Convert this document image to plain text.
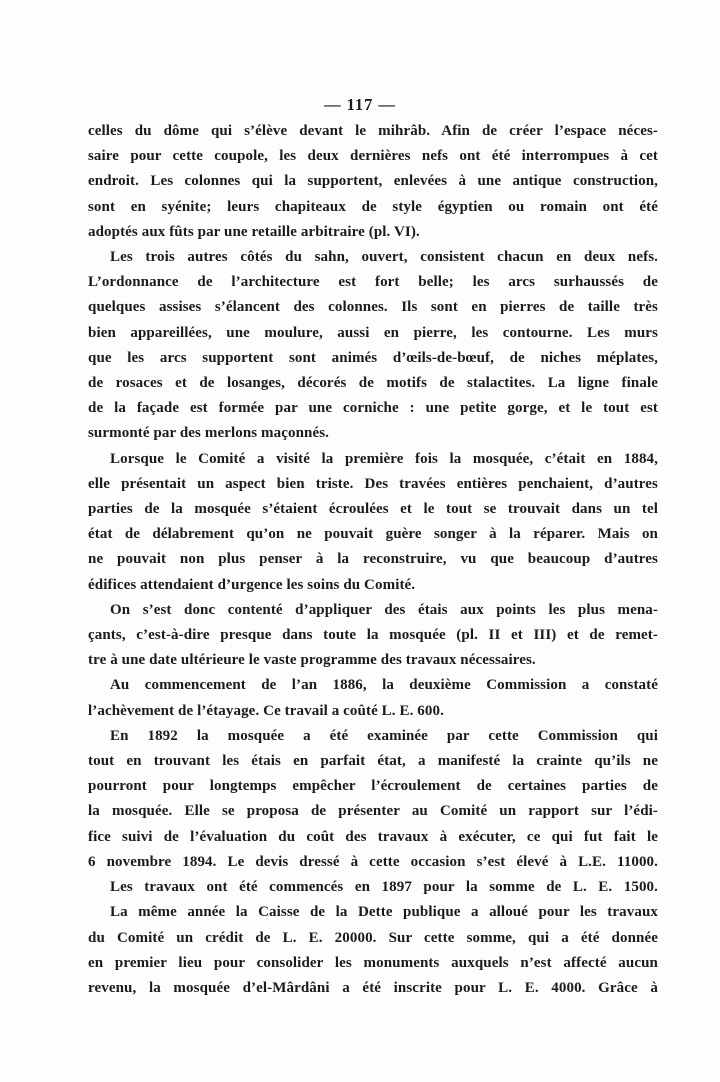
— 117 —
celles du dôme qui s’élève devant le mihrâb. Afin de créer l’espace néces-
saire pour cette coupole, les deux dernières nefs ont été interrompues à cet
endroit. Les colonnes qui la supportent, enlevées à une antique construction,
sont en syénite; leurs chapiteaux de style égyptien ou romain ont été
adoptés aux fûts par une retaille arbitraire (pl. VI).
Les trois autres côtés du sahn, ouvert, consistent chacun en deux nefs.
L’ordonnance de l’architecture est fort belle; les arcs surhaussés de
quelques assises s’élancent des colonnes. Ils sont en pierres de taille très
bien appareillées, une moulure, aussi en pierre, les contourne. Les murs
que les arcs supportent sont animés d’œils-de-bœuf, de niches méplates,
de rosaces et de losanges, décorés de motifs de stalactites. La ligne finale
de la façade est formée par une corniche : une petite gorge, et le tout est
surmonté par des merlons maçonnés.
Lorsque le Comité a visité la première fois la mosquée, c’était en 1884,
elle présentait un aspect bien triste. Des travées entières penchaient, d’autres
parties de la mosquée s’étaient écroulées et le tout se trouvait dans un tel
état de délabrement qu’on ne pouvait guère songer à la réparer. Mais on
ne pouvait non plus penser à la reconstruire, vu que beaucoup d’autres
édifices attendaient d’urgence les soins du Comité.
On s’est donc contenté d’appliquer des étais aux points les plus mena-
çants, c’est-à-dire presque dans toute la mosquée (pl. II et III) et de remet-
tre à une date ultérieure le vaste programme des travaux nécessaires.
Au commencement de l’an 1886, la deuxième Commission a constaté
l’achèvement de l’étayage. Ce travail a coûté L. E. 600.
En 1892 la mosquée a été examinée par cette Commission qui
tout en trouvant les étais en parfait état, a manifesté la crainte qu’ils ne
pourront pour longtemps empêcher l’écroulement de certaines parties de
la mosquée. Elle se proposa de présenter au Comité un rapport sur l’édi-
fice suivi de l’évaluation du coût des travaux à exécuter, ce qui fut fait le
6 novembre 1894. Le devis dressé à cette occasion s’est élevé à L.E. 11000.
Les travaux ont été commencés en 1897 pour la somme de L. E. 1500.
La même année la Caisse de la Dette publique a alloué pour les travaux
du Comité un crédit de L. E. 20000. Sur cette somme, qui a été donnée
en premier lieu pour consolider les monuments auxquels n’est affecté aucun
revenu, la mosquée d’el-Mârdâni a été inscrite pour L. E. 4000. Grâce à
